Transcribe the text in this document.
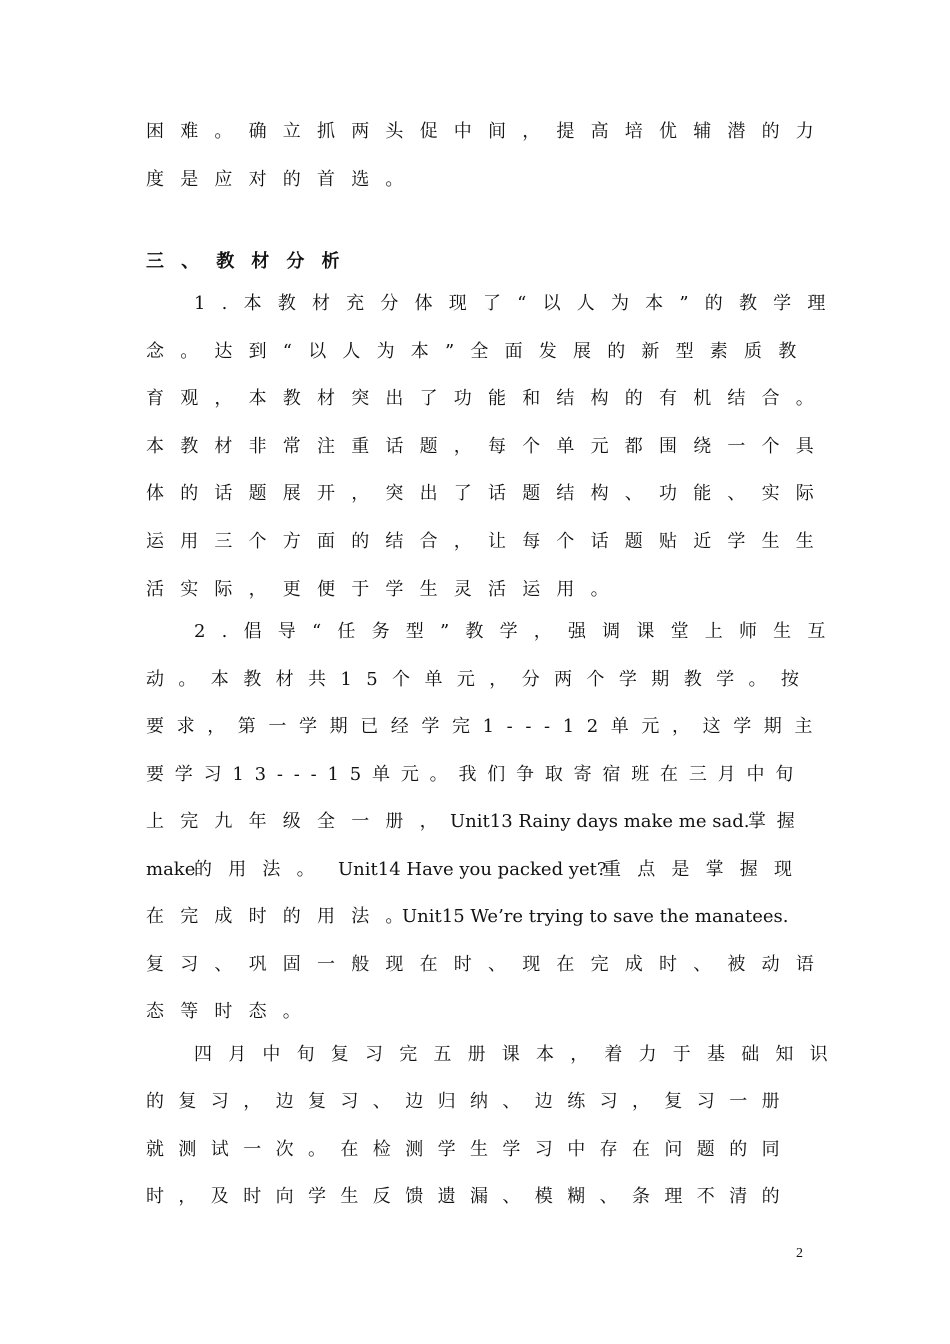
困难。确立抓两头促中间，提高培优辅潜的力
度是应对的首选。
三、教材分析
1.本教材充分体现了“以人为本”的教学理
念。达到“以人为本”全面发展的新型素质教
育观，本教材突出了功能和结构的有机结合。
本教材非常注重话题，每个单元都围绕一个具
体的话题展开，突出了话题结构、功能、实际
运用三个方面的结合，让每个话题贴近学生生
活实际，更便于学生灵活运用。
2.倡导“任务型”教学，强调课堂上师生互
动。本教材共15个单元，分两个学期教学。按
要求，第一学期已经学完1---12单元，这学期主
要学习13---15单元。我们争取寄宿班在三月中旬
上完九年级全一册，
Unit13 Rainy days make me sad.
掌握
make
的用法。 Unit14 Have you packed yet?
重点是掌握现
在完成时的用法。
Unit15 We’re trying to save the manatees.
复习、巩固一般现在时、现在完成时、被动语
态等时态。
四月中旬复习完五册课本，着力于基础知识
的复习，边复习、边归纳、边练习，复习一册
就测试一次。在检测学生学习中存在问题的同
时，及时向学生反馈遗漏、模糊、条理不清的
2
